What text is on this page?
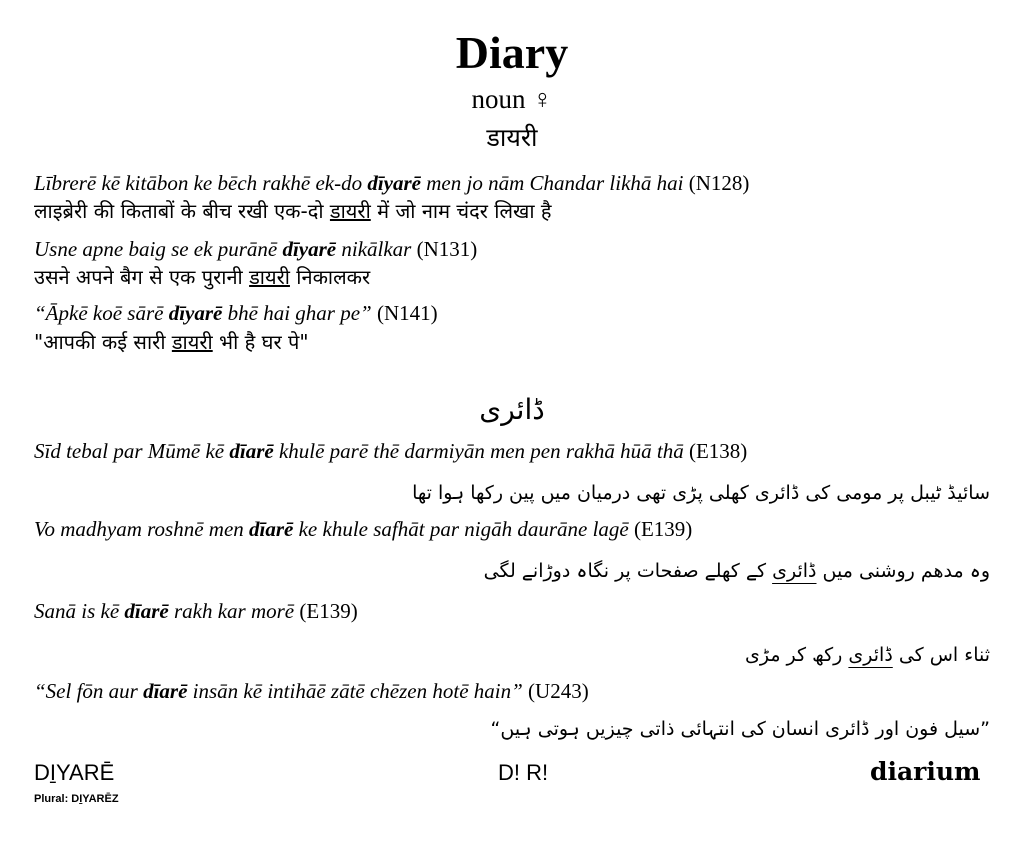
Diary
noun ♀
डायरी
Lībrerē kē kitābon ke bēch rakhē ek-do dīyarē men jo nām Chandar likhā hai (N128)
लाइब्रेरी की किताबों के बीच रखी एक-दो डायरी में जो नाम चंदर लिखा है
Usne apne baig se ek purānē dīyarē nikālkar (N131)
उसने अपने बैग से एक पुरानी डायरी निकालकर
“Āpkē koē sārē dīyarē bhē hai ghar pe” (N141)
"आपकी कई सारी डायरी भी है घर पे"
ڈائری
Sīd tebal par Mūmē kē dīarē khulē parē thē darmiyān men pen rakhā hūā thā (E138)
سائیڈ ٹیبل پر مومی کی ڈائری کھلی پڑی تھی درمیان میں پین رکھا ہوا تھا
Vo madhyam roshnē men dīarē ke khule safhāt par nigāh daurāne lagē (E139)
وہ مدھم روشنی میں ڈائری کے کھلے صفحات پر نگاہ دوڑانے لگی
Sanā is kē dīarē rakh kar morē (E139)
ثناء اس کی ڈائری رکھ کر مڑی
“Sel fōn aur dīarē insān kē intihāē zātē chēzen hotē hain” (U243)
”سیل فون اور ڈائری انسان کی انتہائی ذاتی چیزیں ہوتی ہیں“
DI̱YARĒ
Plural: DI̱YARĒZ
D! R!	diarium
